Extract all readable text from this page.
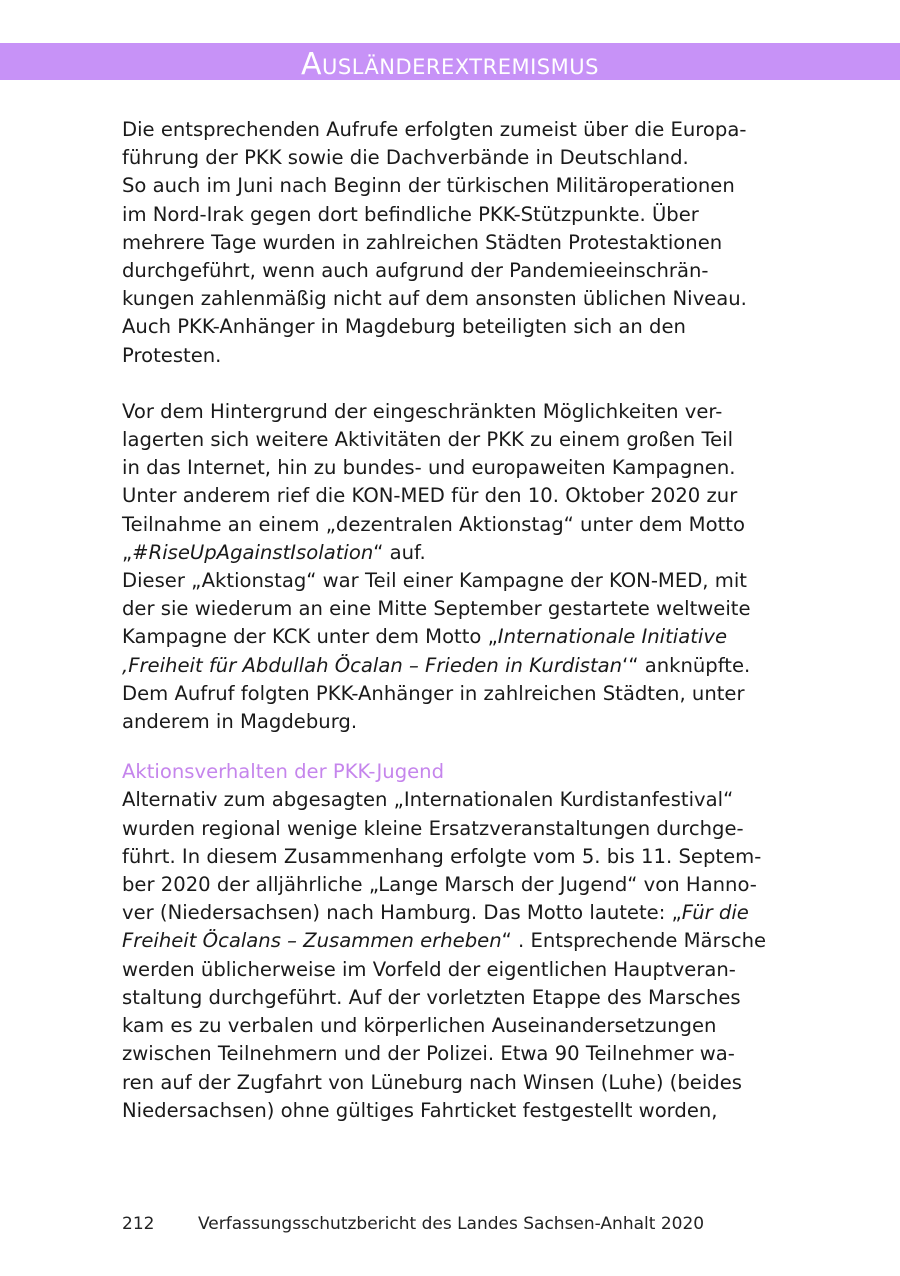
Ausländerextremismus

Die entsprechenden Aufrufe erfolgten zumeist über die Europa-
führung der PKK sowie die Dachverbände in Deutschland.
So auch im Juni nach Beginn der türkischen Militäroperationen
im Nord-Irak gegen dort befindliche PKK-Stützpunkte. Über
mehrere Tage wurden in zahlreichen Städten Protestaktionen
durchgeführt, wenn auch aufgrund der Pandemieeinschrän-
kungen zahlenmäßig nicht auf dem ansonsten üblichen Niveau.
Auch PKK-Anhänger in Magdeburg beteiligten sich an den
Protesten.

Vor dem Hintergrund der eingeschränkten Möglichkeiten ver-
lagerten sich weitere Aktivitäten der PKK zu einem großen Teil
in das Internet, hin zu bundes- und europaweiten Kampagnen.
Unter anderem rief die KON-MED für den 10. Oktober 2020 zur
Teilnahme an einem „dezentralen Aktionstag“ unter dem Motto
„#RiseUpAgainstIsolation“ auf.
Dieser „Aktionstag“ war Teil einer Kampagne der KON-MED, mit
der sie wiederum an eine Mitte September gestartete weltweite
Kampagne der KCK unter dem Motto „Internationale Initiative
‚Freiheit für Abdullah Öcalan – Frieden in Kurdistan‘“ anknüpfte.
Dem Aufruf folgten PKK-Anhänger in zahlreichen Städten, unter
anderem in Magdeburg.

Aktionsverhalten der PKK-Jugend
Alternativ zum abgesagten „Internationalen Kurdistanfestival“
wurden regional wenige kleine Ersatzveranstaltungen durchge-
führt. In diesem Zusammenhang erfolgte vom 5. bis 11. Septem-
ber 2020 der alljährliche „Lange Marsch der Jugend“ von Hanno-
ver (Niedersachsen) nach Hamburg. Das Motto lautete: „Für die
Freiheit Öcalans – Zusammen erheben“ . Entsprechende Märsche
werden üblicherweise im Vorfeld der eigentlichen Hauptveran-
staltung durchgeführt. Auf der vorletzten Etappe des Marsches
kam es zu verbalen und körperlichen Auseinandersetzungen
zwischen Teilnehmern und der Polizei. Etwa 90 Teilnehmer wa-
ren auf der Zugfahrt von Lüneburg nach Winsen (Luhe) (beides
Niedersachsen) ohne gültiges Fahrticket festgestellt worden,

212	Verfassungsschutzbericht des Landes Sachsen-Anhalt 2020
